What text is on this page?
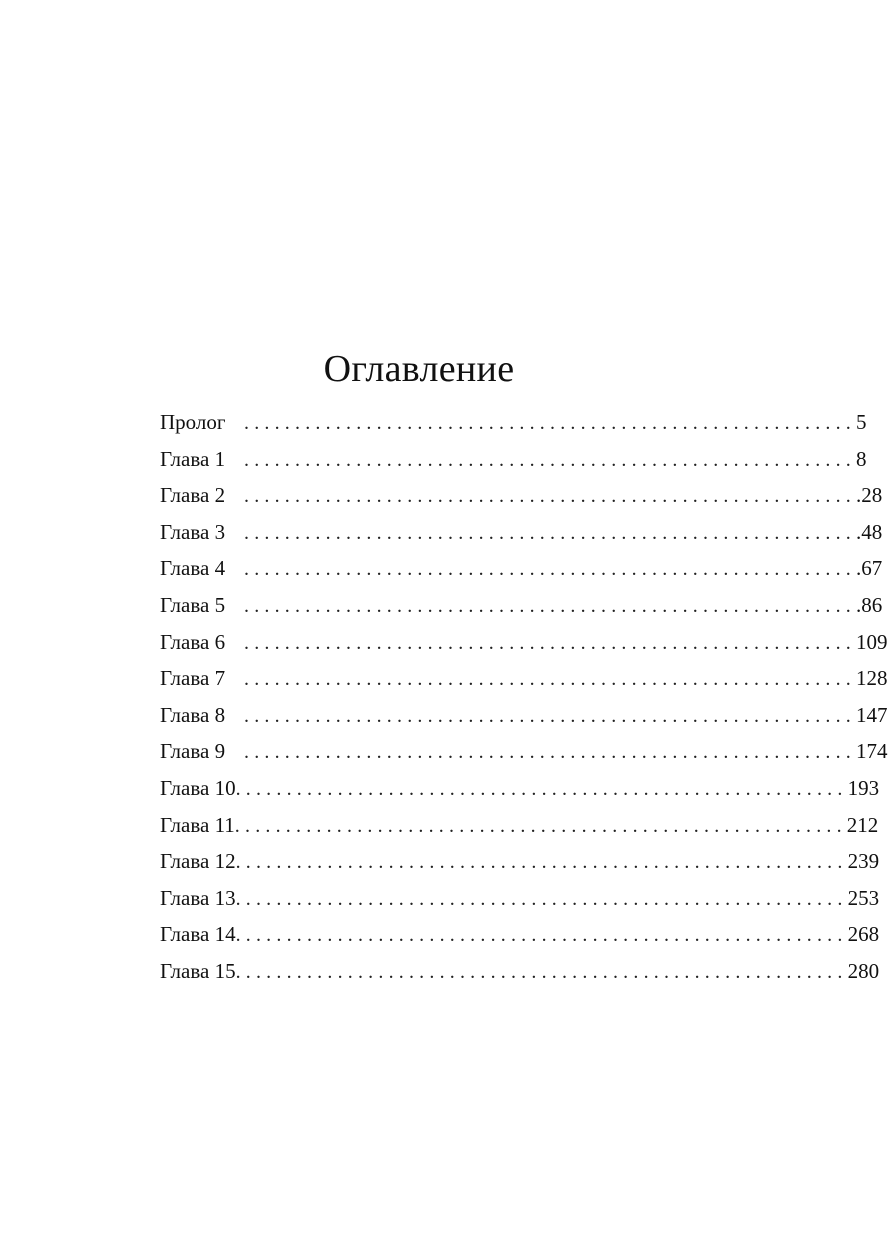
Оглавление
Пролог ............................................................ 5
Глава 1 ............................................................ 8
Глава 2 ............................................................ .28
Глава 3 ............................................................ .48
Глава 4 ............................................................ .67
Глава 5 ............................................................ .86
Глава 6 ............................................................ 109
Глава 7 ............................................................ 128
Глава 8 ............................................................ 147
Глава 9 ............................................................ 174
Глава 10 ............................................................ 193
Глава 11 ............................................................ 212
Глава 12 ............................................................ 239
Глава 13 ............................................................ 253
Глава 14 ............................................................ 268
Глава 15 ............................................................ 280
